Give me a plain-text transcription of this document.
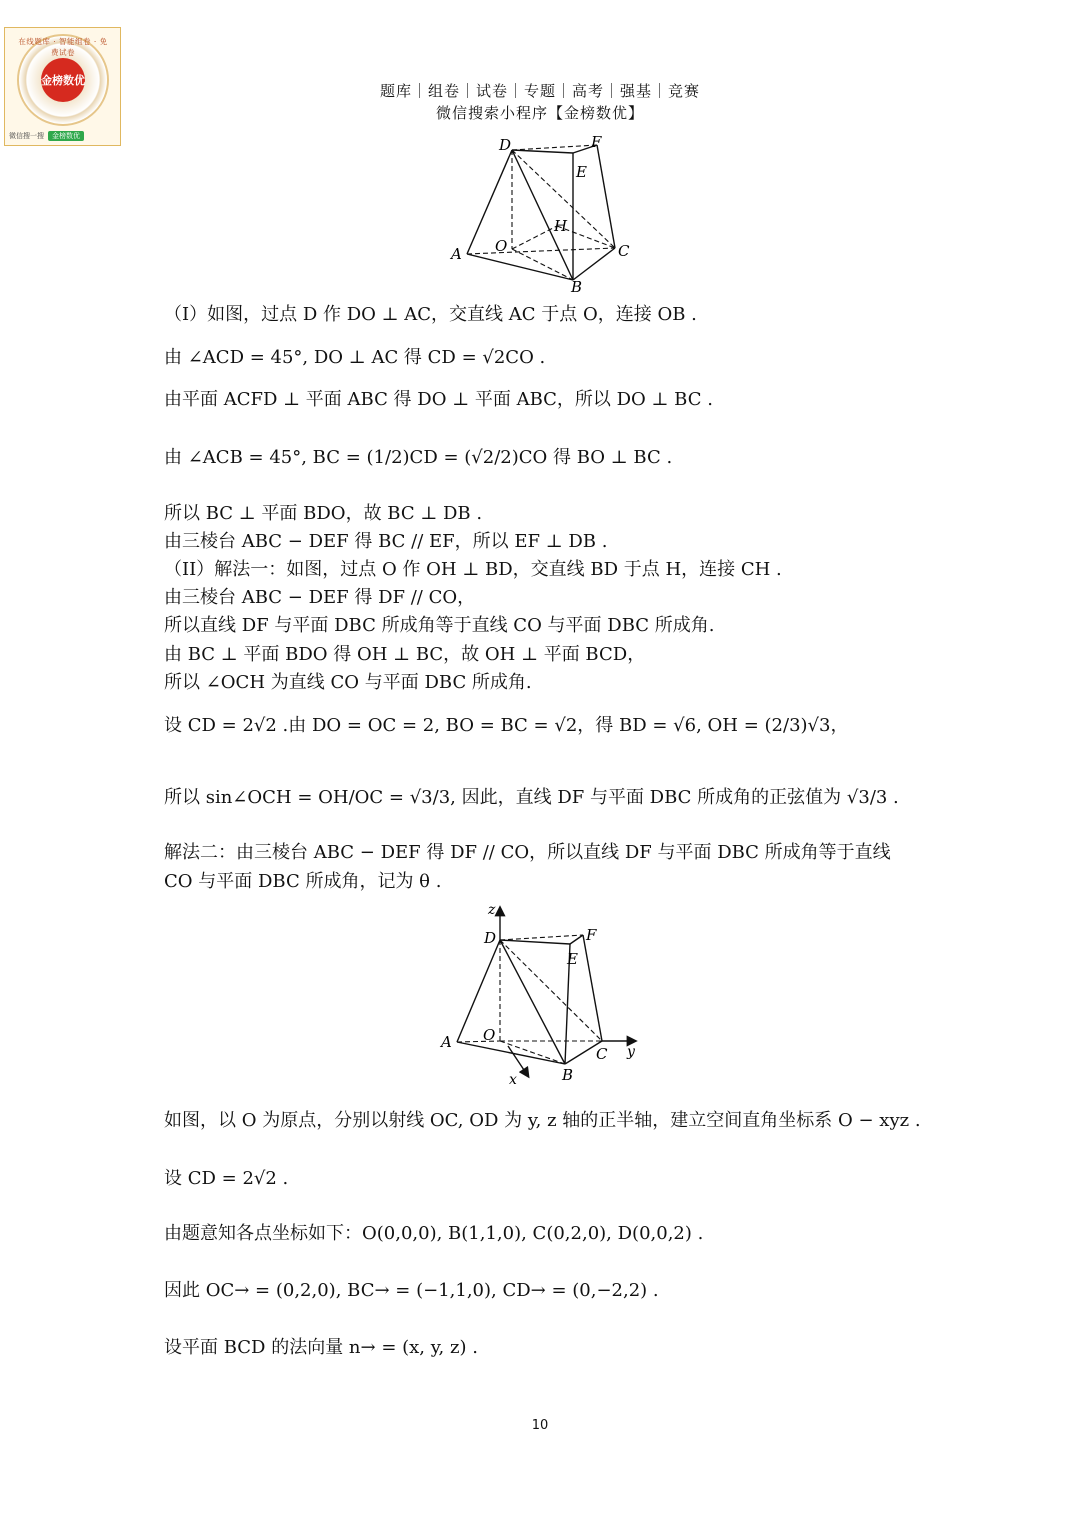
在线题库 · 智能组卷 · 免费试卷
金榜数优
微信搜一搜	金榜数优
题库｜组卷｜试卷｜专题｜高考｜强基｜竞赛
微信搜索小程序【金榜数优】
D	F
E
H
O
A	C
B
（I）如图，过点 D 作 DO ⊥ AC，交直线 AC 于点 O，连接 OB .
由 ∠ACD = 45°, DO ⊥ AC 得 CD = √2CO .
由平面 ACFD ⊥ 平面 ABC 得 DO ⊥ 平面 ABC，所以 DO ⊥ BC .
由 ∠ACB = 45°, BC = (1/2)CD = (√2/2)CO 得 BO ⊥ BC .
所以 BC ⊥ 平面 BDO，故 BC ⊥ DB .
由三棱台 ABC − DEF 得 BC // EF，所以 EF ⊥ DB .
（II）解法一：如图，过点 O 作 OH ⊥ BD，交直线 BD 于点 H，连接 CH .
由三棱台 ABC − DEF 得 DF // CO，
所以直线 DF 与平面 DBC 所成角等于直线 CO 与平面 DBC 所成角.
由 BC ⊥ 平面 BDO 得 OH ⊥ BC，故 OH ⊥ 平面 BCD，
所以 ∠OCH 为直线 CO 与平面 DBC 所成角.
设 CD = 2√2 .由 DO = OC = 2, BO = BC = √2，得 BD = √6, OH = (2/3)√3，
所以 sin∠OCH = OH/OC = √3/3, 因此，直线 DF 与平面 DBC 所成角的正弦值为 √3/3 .
解法二：由三棱台 ABC − DEF 得 DF // CO，所以直线 DF 与平面 DBC 所成角等于直线
CO 与平面 DBC 所成角，记为 θ .
z
D	F
E
O
A
C y
x	B
如图，以 O 为原点，分别以射线 OC, OD 为 y, z 轴的正半轴，建立空间直角坐标系 O − xyz .
设 CD = 2√2 .
由题意知各点坐标如下：O(0,0,0), B(1,1,0), C(0,2,0), D(0,0,2) .
因此 OC→ = (0,2,0), BC→ = (−1,1,0), CD→ = (0,−2,2) .
设平面 BCD 的法向量 n→ = (x, y, z) .
10
